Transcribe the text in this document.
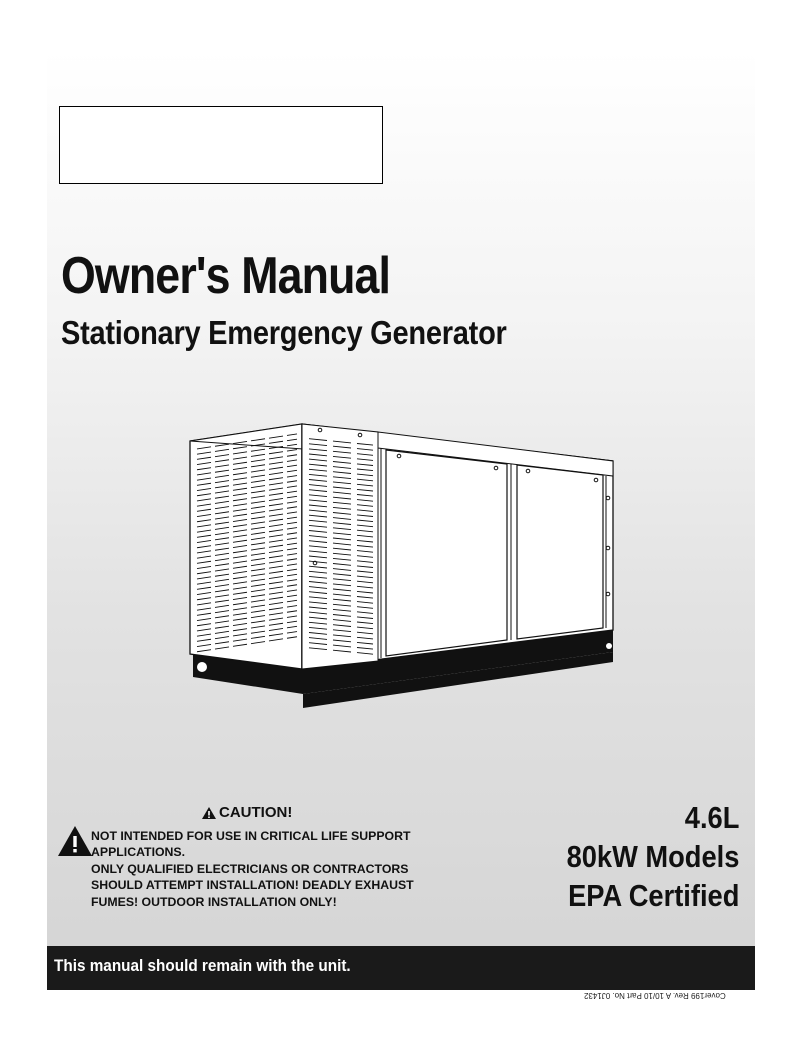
Owner's Manual
Stationary Emergency Generator
CAUTION!
NOT INTENDED FOR USE IN CRITICAL LIFE SUPPORT
APPLICATIONS.
ONLY QUALIFIED ELECTRICIANS OR CONTRACTORS
SHOULD ATTEMPT INSTALLATION! DEADLY EXHAUST
FUMES! OUTDOOR INSTALLATION ONLY!
4.6L
80kW Models
EPA Certified
This manual should remain with the unit.
Cover199 Rev. A 10/10 Part No. 0J1432
